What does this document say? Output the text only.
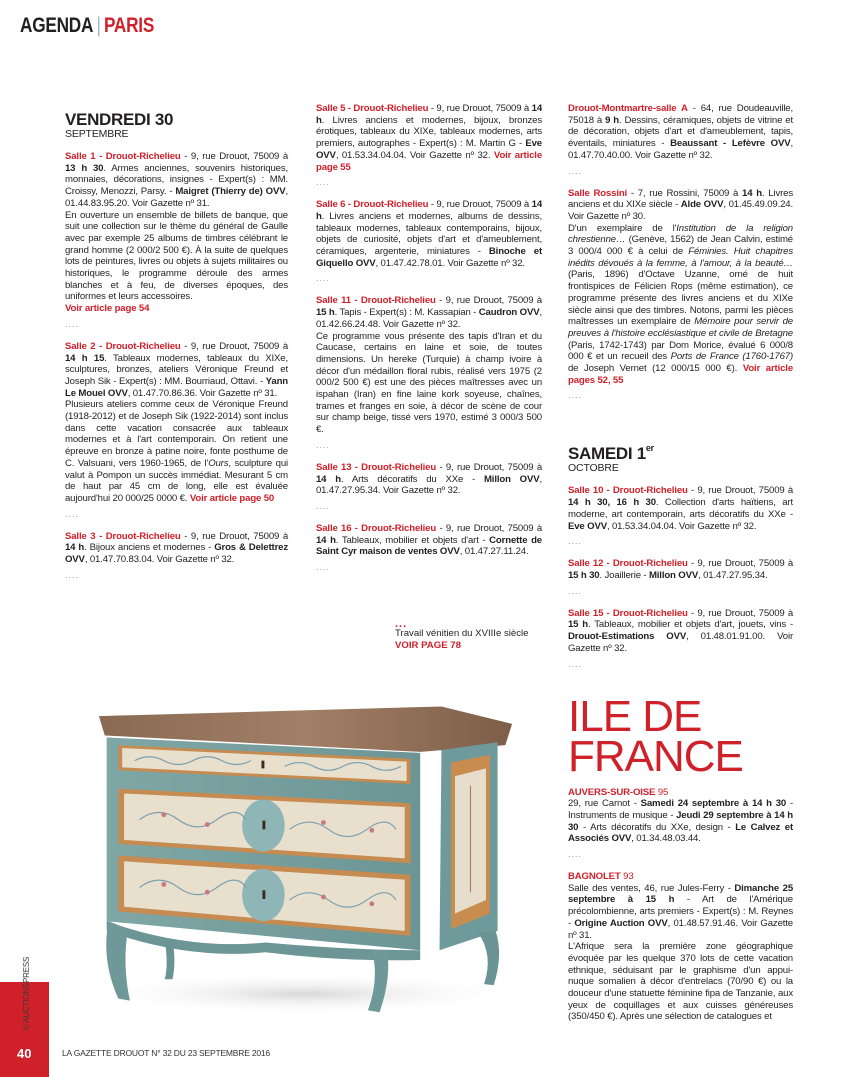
AGENDA | PARIS
VENDREDI 30
SEPTEMBRE
Salle 1 - Drouot-Richelieu - 9, rue Drouot, 75009 à 13 h 30. Armes anciennes, souvenirs historiques, monnaies, décorations, insignes - Expert(s) : MM. Croissy, Menozzi, Parsy. - Maigret (Thierry de) OVV, 01.44.83.95.20. Voir Gazette nº 31.
En ouverture un ensemble de billets de banque, que suit une collection sur le thème du général de Gaulle avec par exemple 25 albums de timbres célébrant le grand homme (2 000/2 500 €). À la suite de quelques lots de peintures, livres ou objets à sujets militaires ou historiques, le programme déroule des armes blanches et à feu, de diverses époques, des uniformes et leurs accessoires.
Voir article page 54
....
Salle 2 - Drouot-Richelieu - 9, rue Drouot, 75009 à 14 h 15. Tableaux modernes, tableaux du XIXe, sculptures, bronzes, ateliers Véronique Freund et Joseph Sik - Expert(s) : MM. Bourriaud, Ottavi. - Yann Le Mouel OVV, 01.47.70.86.36. Voir Gazette nº 31.
Plusieurs ateliers comme ceux de Véronique Freund (1918-2012) et de Joseph Sik (1922-2014) sont inclus dans cette vacation consacrée aux tableaux modernes et à l'art contemporain. On retient une épreuve en bronze à patine noire, fonte posthume de C. Valsuani, vers 1960-1965, de l'Ours, sculpture qui valut à Pompon un succès immédiat. Mesurant 5 cm de haut par 45 cm de long, elle est évaluée aujourd'hui 20 000/25 0000 €. Voir article page 50
....
Salle 3 - Drouot-Richelieu - 9, rue Drouot, 75009 à 14 h. Bijoux anciens et modernes - Gros & Delettrez OVV, 01.47.70.83.04. Voir Gazette nº 32.
....
Salle 5 - Drouot-Richelieu - 9, rue Drouot, 75009 à 14 h. Livres anciens et modernes, bijoux, bronzes érotiques, tableaux du XIXe, tableaux modernes, arts premiers, autographes - Expert(s) : M. Martin G - Eve OVV, 01.53.34.04.04. Voir Gazette nº 32. Voir article page 55
....
Salle 6 - Drouot-Richelieu - 9, rue Drouot, 75009 à 14 h. Livres anciens et modernes, albums de dessins, tableaux modernes, tableaux contemporains, bijoux, objets de curiosité, objets d'art et d'ameublement, céramiques, argenterie, miniatures - Binoche et Giquello OVV, 01.47.42.78.01. Voir Gazette nº 32.
....
Salle 11 - Drouot-Richelieu - 9, rue Drouot, 75009 à 15 h. Tapis - Expert(s) : M. Kassapian - Caudron OVV, 01.42.66.24.48. Voir Gazette nº 32.
Ce programme vous présente des tapis d'Iran et du Caucase, certains en laine et soie, de toutes dimensions. Un hereke (Turquie) à champ ivoire à décor d'un médaillon floral rubis, réalisé vers 1975 (2 000/2 500 €) est une des pièces maîtresses avec un ispahan (Iran) en fine laine kork soyeuse, chaînes, trames et franges en soie, à décor de scène de cour sur champ beige, tissé vers 1970, estimé 3 000/3 500 €.
....
Salle 13 - Drouot-Richelieu - 9, rue Drouot, 75009 à 14 h. Arts décoratifs du XXe - Millon OVV, 01.47.27.95.34. Voir Gazette nº 32.
....
Salle 16 - Drouot-Richelieu - 9, rue Drouot, 75009 à 14 h. Tableaux, mobilier et objets d'art - Cornette de Saint Cyr maison de ventes OVV, 01.47.27.11.24.
....
Drouot-Montmartre-salle A - 64, rue Doudeauville, 75018 à 9 h. Dessins, céramiques, objets de vitrine et de décoration, objets d'art et d'ameublement, tapis, éventails, miniatures - Beaussant - Lefèvre OVV, 01.47.70.40.00. Voir Gazette nº 32.
....
Salle Rossini - 7, rue Rossini, 75009 à 14 h. Livres anciens et du XIXe siècle - Alde OVV, 01.45.49.09.24. Voir Gazette nº 30.
D'un exemplaire de l'Institution de la religion chrestienne… (Genève, 1562) de Jean Calvin, estimé 3 000/4 000 € à celui de Féminies. Huit chapitres inédits dévoués à la femme, à l'amour, à la beauté… (Paris, 1896) d'Octave Uzanne, orné de huit frontispices de Félicien Rops (même estimation), ce programme présente des livres anciens et du XIXe siècle ainsi que des timbres. Notons, parmi les pièces maîtresses un exemplaire de Mémoire pour servir de preuves à l'histoire ecclésiastique et civile de Bretagne (Paris, 1742-1743) par Dom Morice, évalué 6 000/8 000 € et un recueil des Ports de France (1760-1767) de Joseph Vernet (12 000/15 000 €). Voir article pages 52, 55
....
SAMEDI 1er
OCTOBRE
Salle 10 - Drouot-Richelieu - 9, rue Drouot, 75009 à 14 h 30, 16 h 30. Collection d'arts haïtiens, art moderne, art contemporain, arts décoratifs du XXe - Eve OVV, 01.53.34.04.04. Voir Gazette nº 32.
....
Salle 12 - Drouot-Richelieu - 9, rue Drouot, 75009 à 15 h 30. Joaillerie - Millon OVV, 01.47.27.95.34.
....
Salle 15 - Drouot-Richelieu - 9, rue Drouot, 75009 à 15 h. Tableaux, mobilier et objets d'art, jouets, vins - Drouot-Estimations OVV, 01.48.01.91.00. Voir Gazette nº 32.
....
ILE DE
FRANCE
AUVERS-SUR-OISE 95
29, rue Carnot - Samedi 24 septembre à 14 h 30 - Instruments de musique - Jeudi 29 septembre à 14 h 30 - Arts décoratifs du XXe, design - Le Calvez et Associés OVV, 01.34.48.03.44.
....
BAGNOLET 93
Salle des ventes, 46, rue Jules-Ferry - Dimanche 25 septembre à 15 h - Art de l'Amérique précolombienne, arts premiers - Expert(s) : M. Reynes - Origine Auction OVV, 01.48.57.91.46. Voir Gazette nº 31.
L'Afrique sera la première zone géographique évoquée par les quelque 370 lots de cette vacation ethnique, séduisant par le graphisme d'un appui-nuque somalien à décor d'entrelacs (70/90 €) ou la douceur d'une statuette féminine fipa de Tanzanie, aux yeux de coquillages et aux cuisses généreuses (350/450 €). Après une sélection de catalogues et
...
Travail vénitien du XVIIIe siècle
VOIR PAGE 78
© AUCTIONSPRESS
40	LA GAZETTE DROUOT N° 32 DU 23 SEPTEMBRE 2016
